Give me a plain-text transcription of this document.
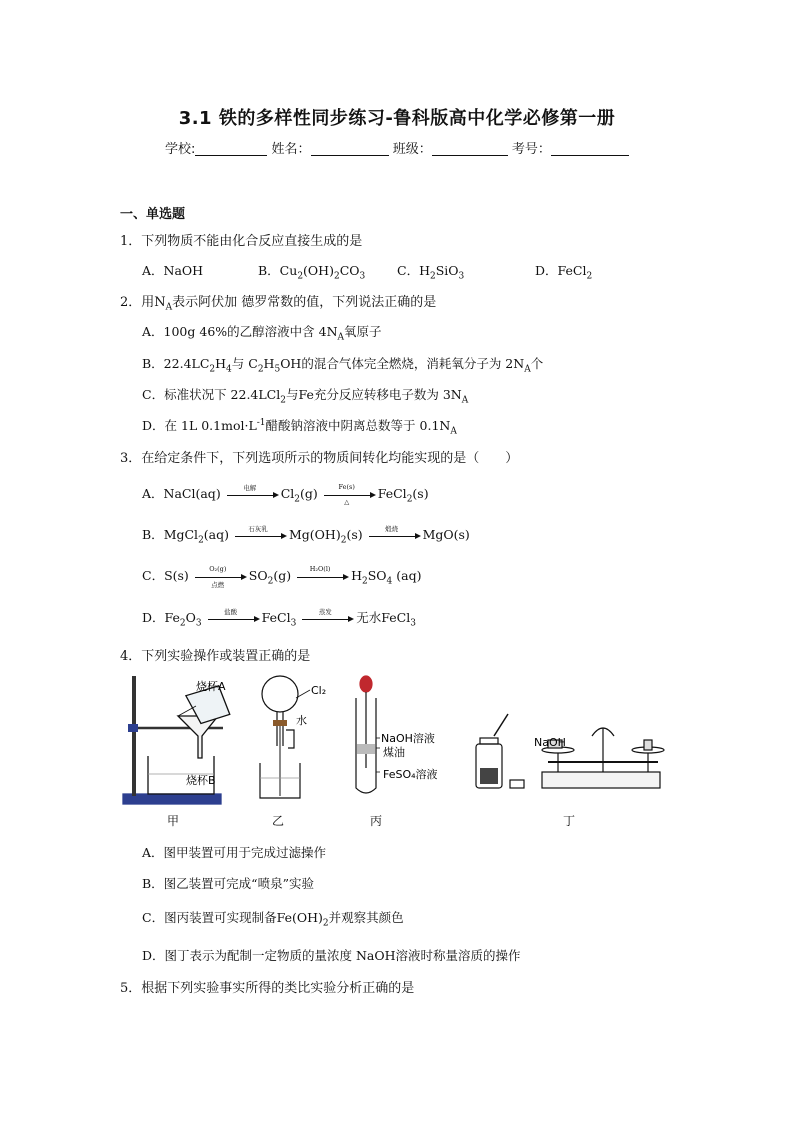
3.1 铁的多样性同步练习-鲁科版高中化学必修第一册
学校:	姓名：	班级：	考号：
一、单选题
1．下列物质不能由化合反应直接生成的是
A．NaOH	B．$Cu_2(OH)_2CO_3$	C．$H_2SiO_3$	D．FeCl$_2$
2．用$N_A$表示阿伏加 德罗常数的值，下列说法正确的是
A．100g 46%的乙醇溶液中含 $4N_A$氧原子
B．$22.4LC_2H_4$与 $C_2H_5OH$的混合气体完全燃烧，消耗氧分子为 $2N_A$个
C．标准状况下 22.4LCl$_2$与Fe充分反应转移电子数为 $3N_A$
D．在 1L $0.1mol\cdot L^{-1}$醋酸钠溶液中阴离总数等于 $0.1N_A$
3．在给定条件下，下列选项所示的物质间转化均能实现的是（　　）
A．NaCl(aq)	电解	$Cl_2(g)$	Fe(s)
△
FeCl$_2$(s)
B．MgCl$_2$(aq)	石灰乳	$Mg(OH)_2(s)$	煅烧	MgO(s)
C．S(s)	O₂(g)
点燃
$SO_2(g)$	H₂O(l)	$H_2SO_4$ (aq)
D．$Fe_2O_3$
盐酸	FeCl$_3$
蒸发	无水FeCl$_3$
4．下列实验操作或装置正确的是
烧杯A
烧杯B
Cl₂
水
NaOH溶液
煤油
FeSO₄溶液
NaOH
甲	乙	丙	丁
A．图甲装置可用于完成过滤操作
B．图乙装置可完成“喷泉”实验
C．图丙装置可实现制备$Fe(OH)_2$并观察其颜色
D．图丁表示为配制一定物质的量浓度 NaOH溶液时称量溶质的操作
5．根据下列实验事实所得的类比实验分析正确的是
